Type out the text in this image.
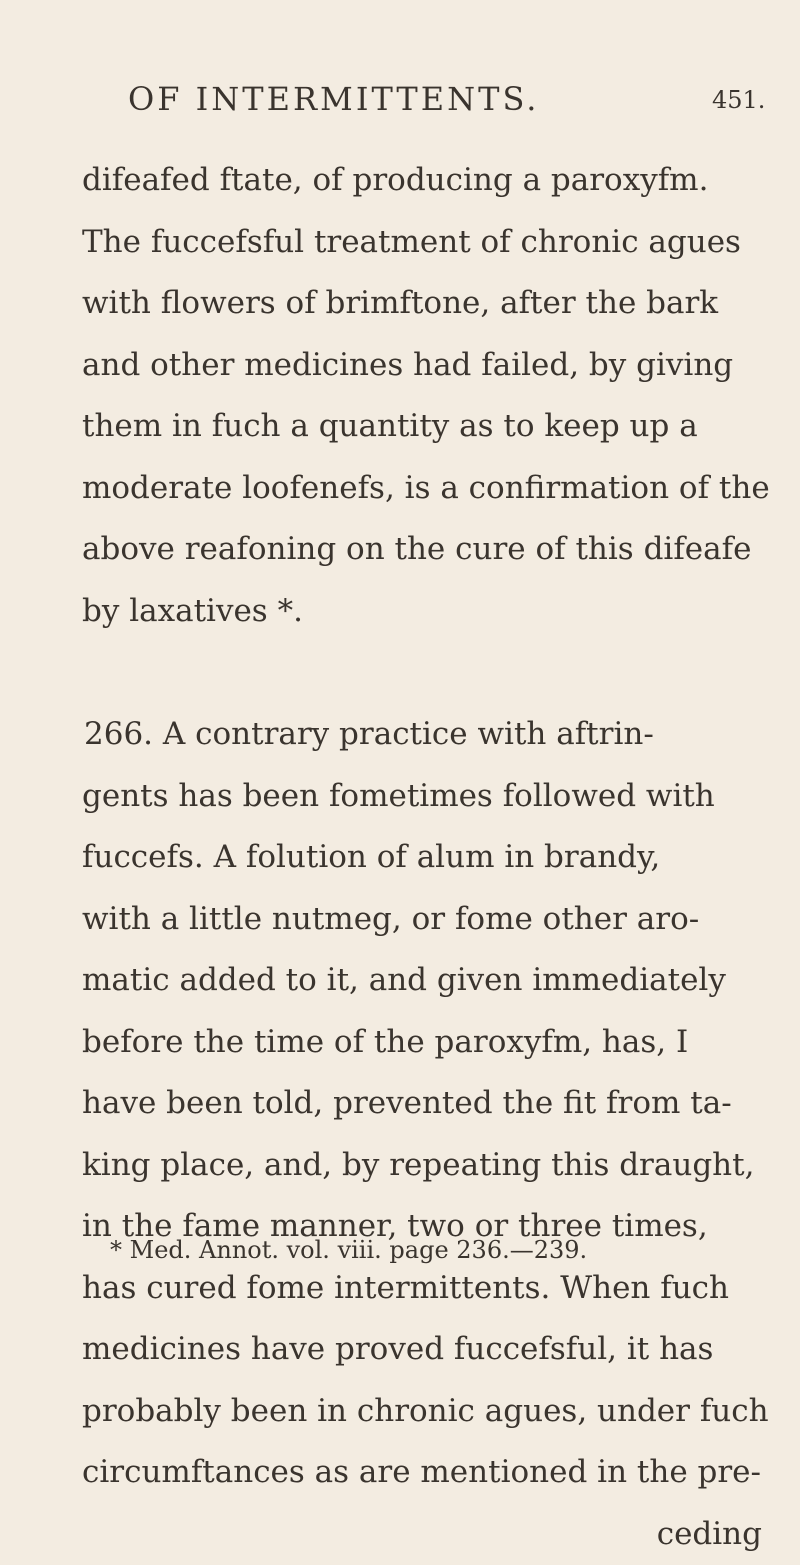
OF INTERMITTENTS.	451.
difeafed ftate, of producing a paroxyfm.
The fuccefsful treatment of chronic agues
with flowers of brimftone, after the bark
and other medicines had failed, by giving
them in fuch a quantity as to keep up a
moderate loofenefs, is a confirmation of the
above reafoning on the cure of this difeafe
by laxatives *.
266. A contrary practice with aftrin-
gents has been fometimes followed with
fuccefs. A folution of alum in brandy,
with a little nutmeg, or fome other aro-
matic added to it, and given immediately
before the time of the paroxyfm, has, I
have been told, prevented the fit from ta-
king place, and, by repeating this draught,
in the fame manner, two or three times,
has cured fome intermittents. When fuch
medicines have proved fuccefsful, it has
probably been in chronic agues, under fuch
circumftances as are mentioned in the pre-
ceding
* Med. Annot. vol. viii. page 236.—239.
